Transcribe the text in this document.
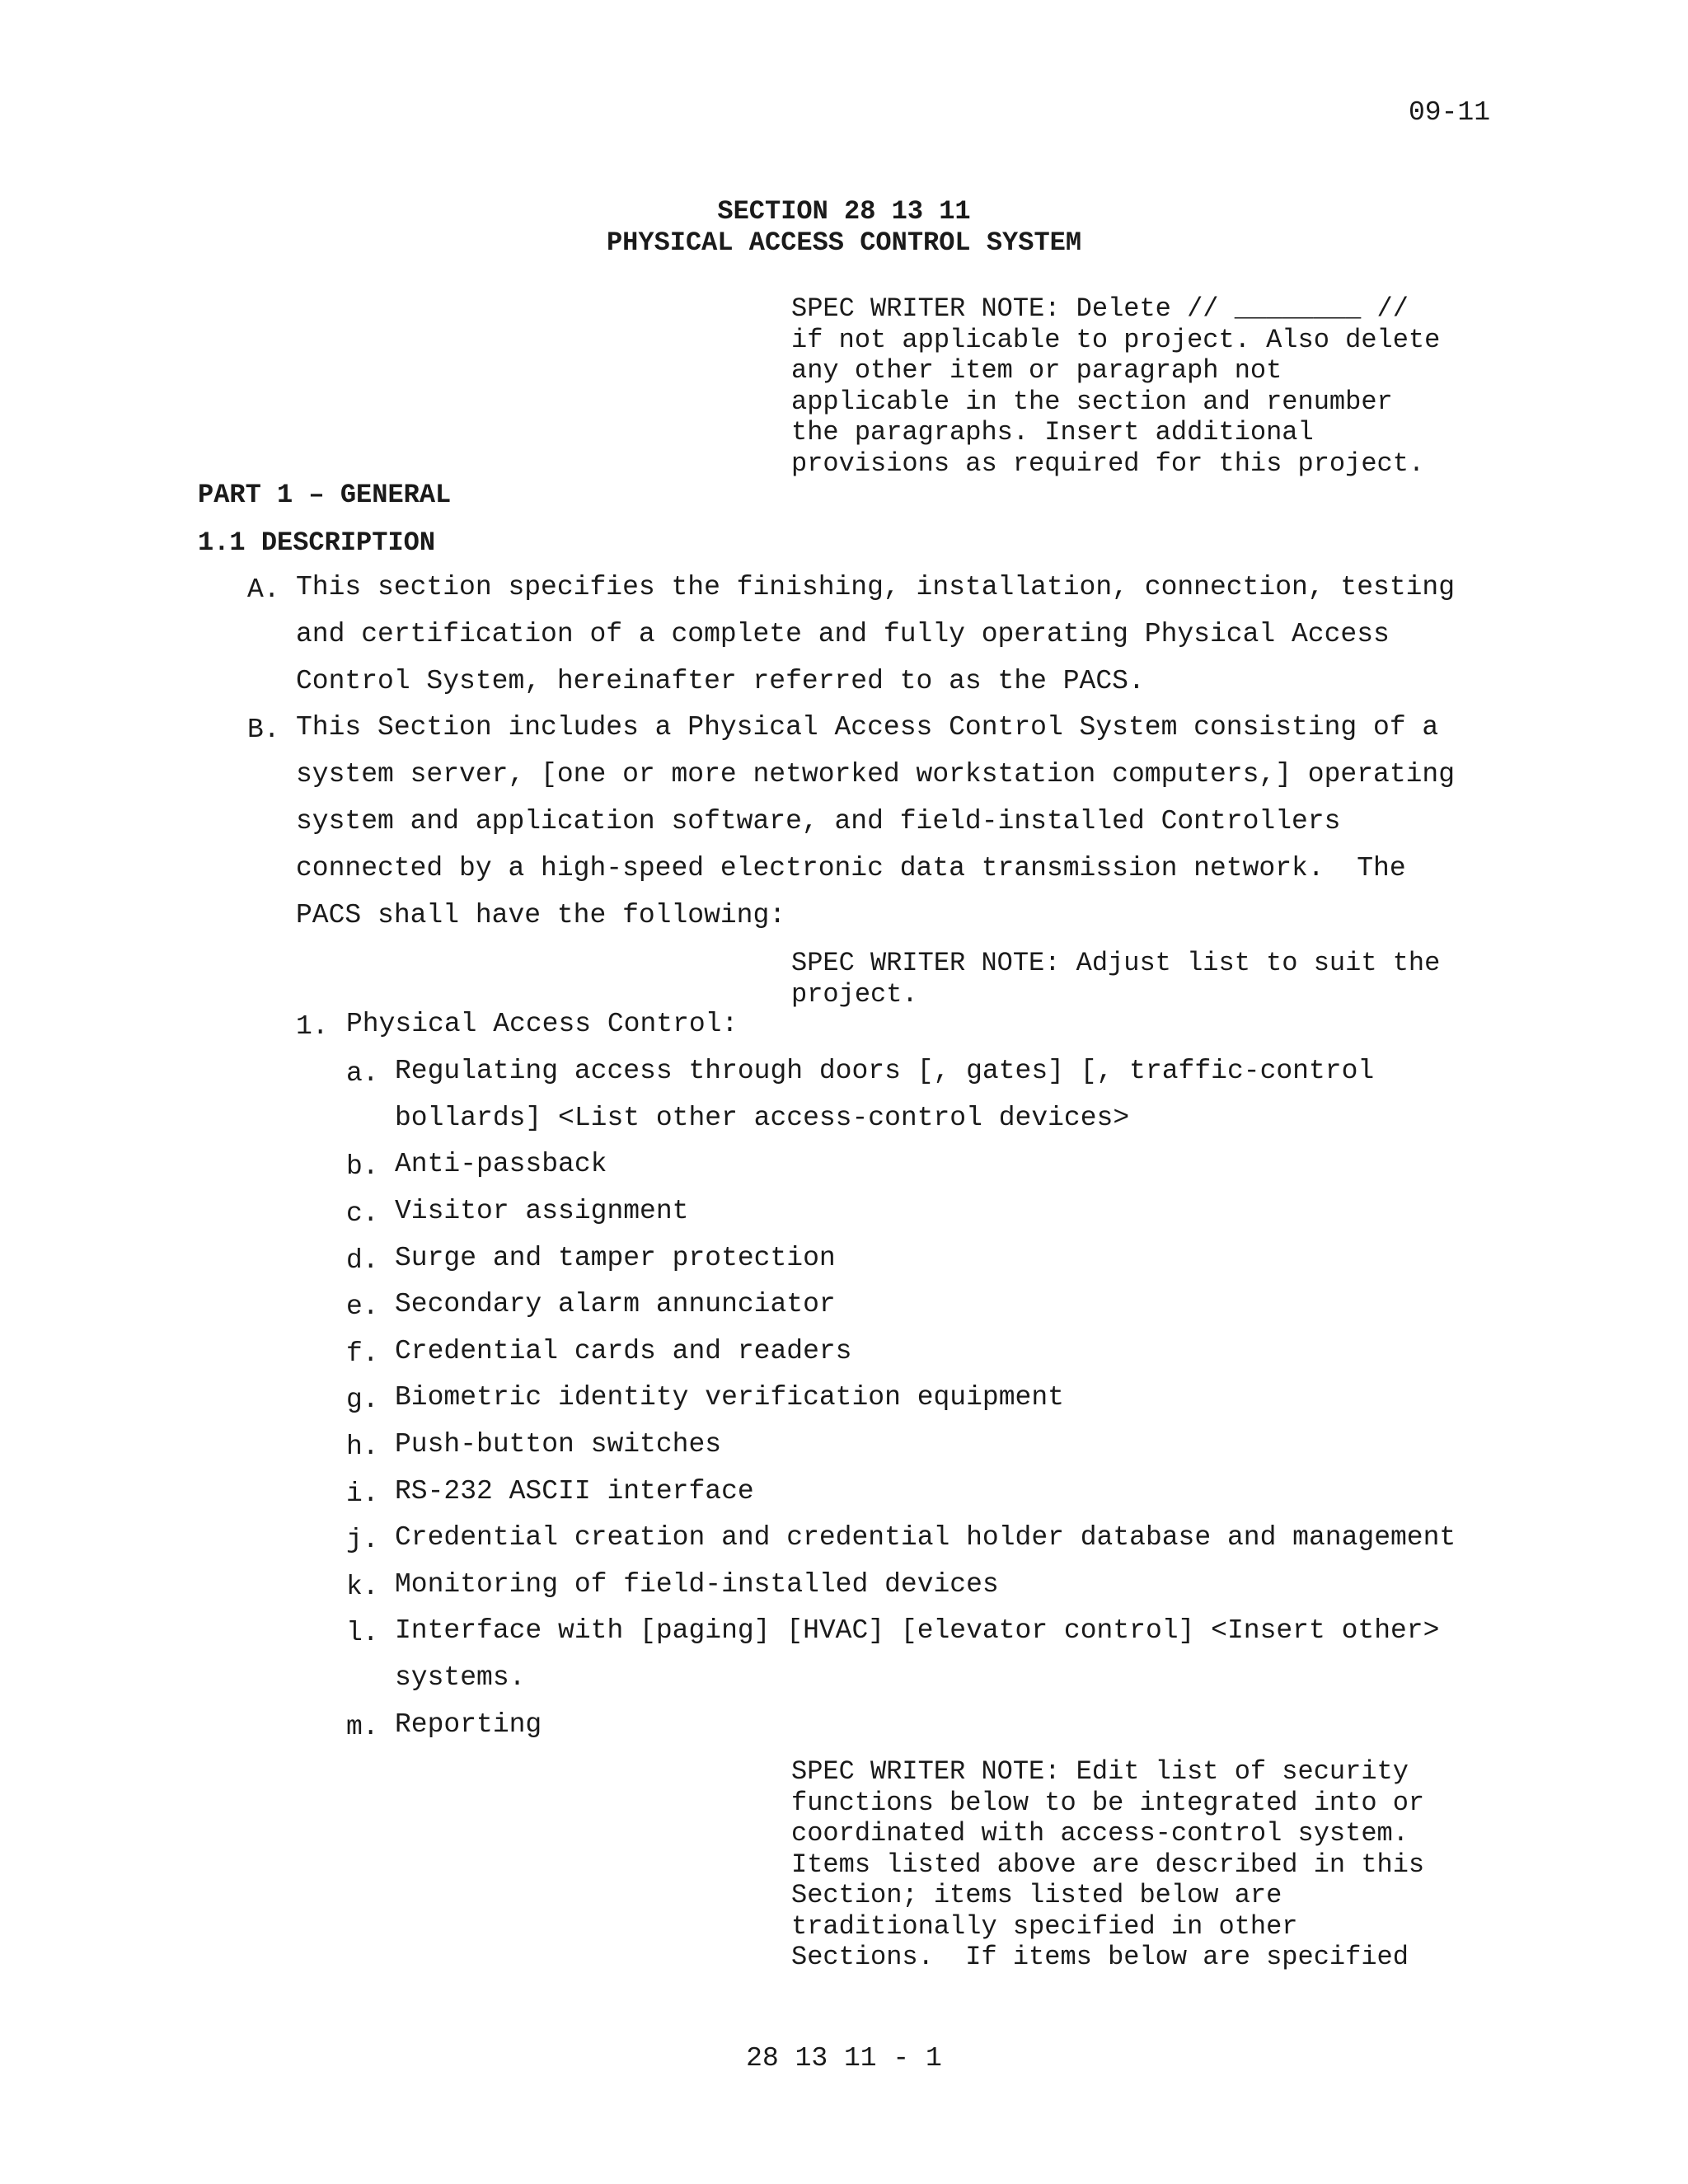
09-11
SECTION 28 13 11
PHYSICAL ACCESS CONTROL SYSTEM
SPEC WRITER NOTE: Delete // ________ //
if not applicable to project. Also delete
any other item or paragraph not
applicable in the section and renumber
the paragraphs. Insert additional
provisions as required for this project.
PART 1 – GENERAL
1.1 DESCRIPTION
A. This section specifies the finishing, installation, connection, testing
and certification of a complete and fully operating Physical Access
Control System, hereinafter referred to as the PACS.
B. This Section includes a Physical Access Control System consisting of a
system server, [one or more networked workstation computers,] operating
system and application software, and field-installed Controllers
connected by a high-speed electronic data transmission network.  The
PACS shall have the following:
SPEC WRITER NOTE: Adjust list to suit the
project.
1. Physical Access Control:
a. Regulating access through doors [, gates] [, traffic-control
bollards] <List other access-control devices>
b. Anti-passback
c. Visitor assignment
d. Surge and tamper protection
e. Secondary alarm annunciator
f. Credential cards and readers
g. Biometric identity verification equipment
h. Push-button switches
i. RS-232 ASCII interface
j. Credential creation and credential holder database and management
k. Monitoring of field-installed devices
l. Interface with [paging] [HVAC] [elevator control] <Insert other>
systems.
m. Reporting
SPEC WRITER NOTE: Edit list of security
functions below to be integrated into or
coordinated with access-control system.
Items listed above are described in this
Section; items listed below are
traditionally specified in other
Sections.  If items below are specified
28 13 11 - 1
